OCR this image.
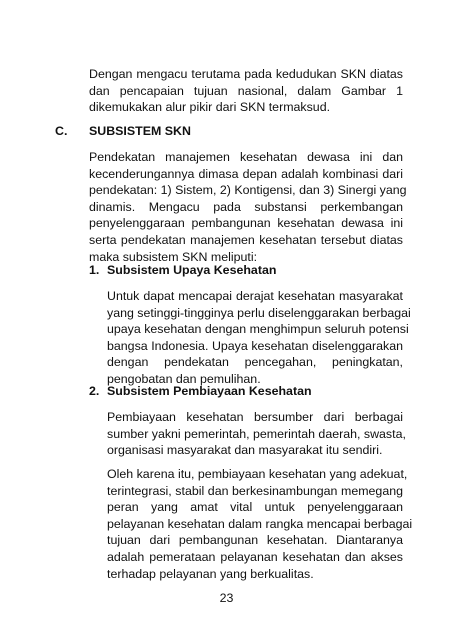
Dengan mengacu terutama pada kedudukan SKN diatas
dan pencapaian tujuan nasional, dalam Gambar 1
dikemukakan alur pikir dari SKN termaksud.
C. SUBSISTEM SKN
Pendekatan manajemen kesehatan dewasa ini dan
kecenderungannya dimasa depan adalah kombinasi dari
pendekatan: 1) Sistem, 2) Kontigensi, dan 3) Sinergi yang
dinamis. Mengacu pada substansi perkembangan
penyelenggaraan pembangunan kesehatan dewasa ini
serta pendekatan manajemen kesehatan tersebut diatas
maka subsistem SKN meliputi:
1. Subsistem Upaya Kesehatan
Untuk dapat mencapai derajat kesehatan masyarakat
yang setinggi-tingginya perlu diselenggarakan berbagai
upaya kesehatan dengan menghimpun seluruh potensi
bangsa Indonesia. Upaya kesehatan diselenggarakan
dengan pendekatan pencegahan, peningkatan,
pengobatan dan pemulihan.
2. Subsistem Pembiayaan Kesehatan
Pembiayaan kesehatan bersumber dari berbagai
sumber yakni pemerintah, pemerintah daerah, swasta,
organisasi masyarakat dan masyarakat itu sendiri.
Oleh karena itu, pembiayaan kesehatan yang adekuat,
terintegrasi, stabil dan berkesinambungan memegang
peran yang amat vital untuk penyelenggaraan
pelayanan kesehatan dalam rangka mencapai berbagai
tujuan dari pembangunan kesehatan. Diantaranya
adalah pemerataan pelayanan kesehatan dan akses
terhadap pelayanan yang berkualitas.
23
